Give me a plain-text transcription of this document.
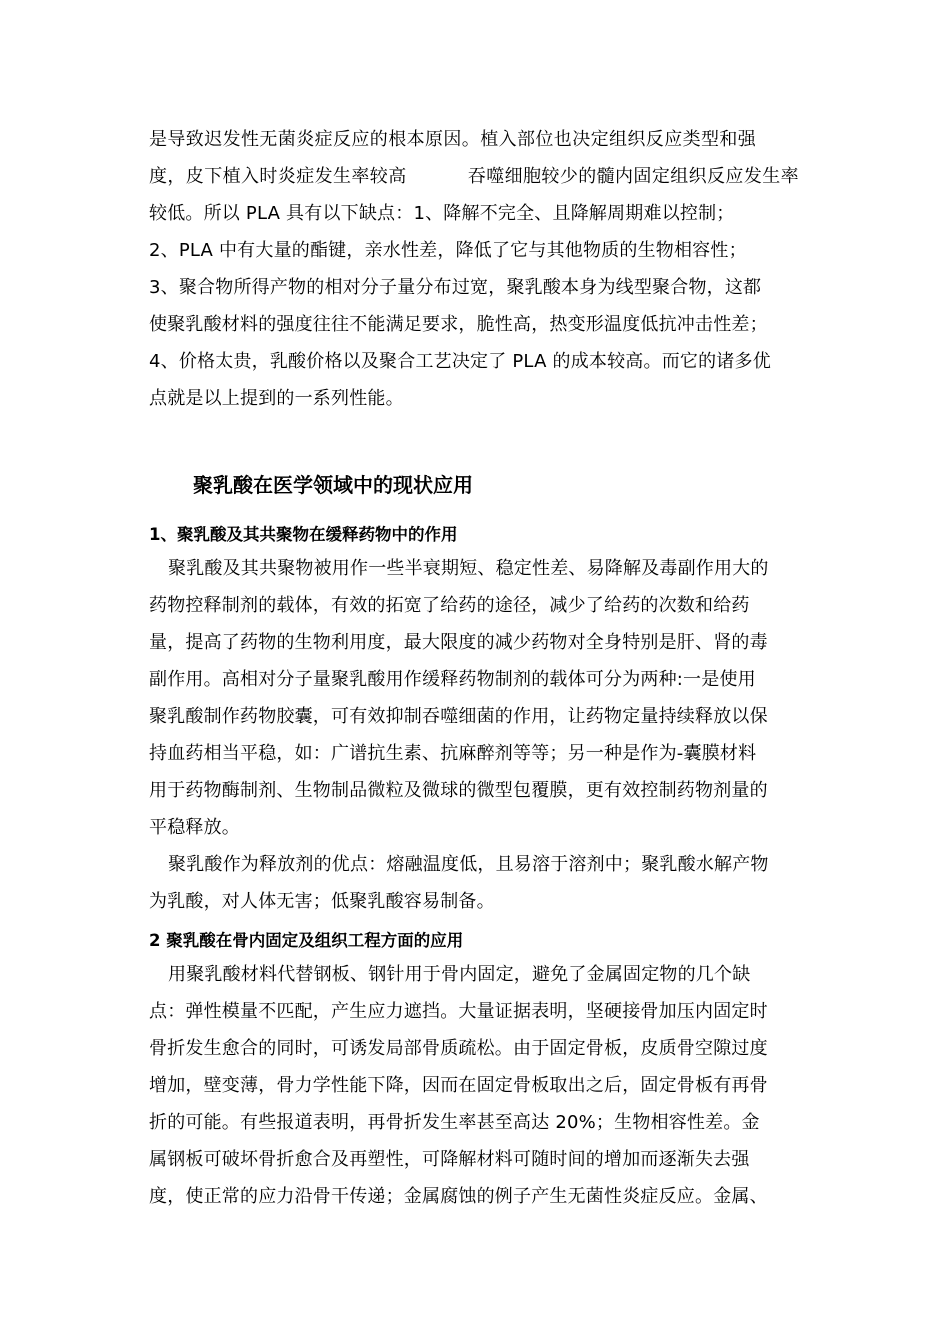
是导致迟发性无菌炎症反应的根本原因。植入部位也决定组织反应类型和强
度，皮下植入时炎症发生率较高          吞噬细胞较少的髓内固定组织反应发生率
较低。所以 PLA 具有以下缺点：1、降解不完全、且降解周期难以控制；
2、PLA 中有大量的酯键，亲水性差，降低了它与其他物质的生物相容性；
3、聚合物所得产物的相对分子量分布过宽，聚乳酸本身为线型聚合物，这都
使聚乳酸材料的强度往往不能满足要求，脆性高，热变形温度低抗冲击性差；
4、价格太贵，乳酸价格以及聚合工艺决定了 PLA 的成本较高。而它的诸多优
点就是以上提到的一系列性能。
聚乳酸在医学领域中的现状应用
1、聚乳酸及其共聚物在缓释药物中的作用
聚乳酸及其共聚物被用作一些半衰期短、稳定性差、易降解及毒副作用大的
药物控释制剂的载体，有效的拓宽了给药的途径，减少了给药的次数和给药
量，提高了药物的生物利用度，最大限度的减少药物对全身特别是肝、肾的毒
副作用。高相对分子量聚乳酸用作缓释药物制剂的载体可分为两种:一是使用
聚乳酸制作药物胶囊，可有效抑制吞噬细菌的作用，让药物定量持续释放以保
持血药相当平稳，如：广谱抗生素、抗麻醉剂等等；另一种是作为-囊膜材料
用于药物酶制剂、生物制品微粒及微球的微型包覆膜，更有效控制药物剂量的
平稳释放。
聚乳酸作为释放剂的优点：熔融温度低，且易溶于溶剂中；聚乳酸水解产物
为乳酸，对人体无害；低聚乳酸容易制备。
2 聚乳酸在骨内固定及组织工程方面的应用
用聚乳酸材料代替钢板、钢针用于骨内固定，避免了金属固定物的几个缺
点：弹性模量不匹配，产生应力遮挡。大量证据表明，坚硬接骨加压内固定时
骨折发生愈合的同时，可诱发局部骨质疏松。由于固定骨板，皮质骨空隙过度
增加，壁变薄，骨力学性能下降，因而在固定骨板取出之后，固定骨板有再骨
折的可能。有些报道表明，再骨折发生率甚至高达 20%；生物相容性差。金
属钢板可破坏骨折愈合及再塑性，可降解材料可随时间的增加而逐渐失去强
度，使正常的应力沿骨干传递；金属腐蚀的例子产生无菌性炎症反应。金属、
